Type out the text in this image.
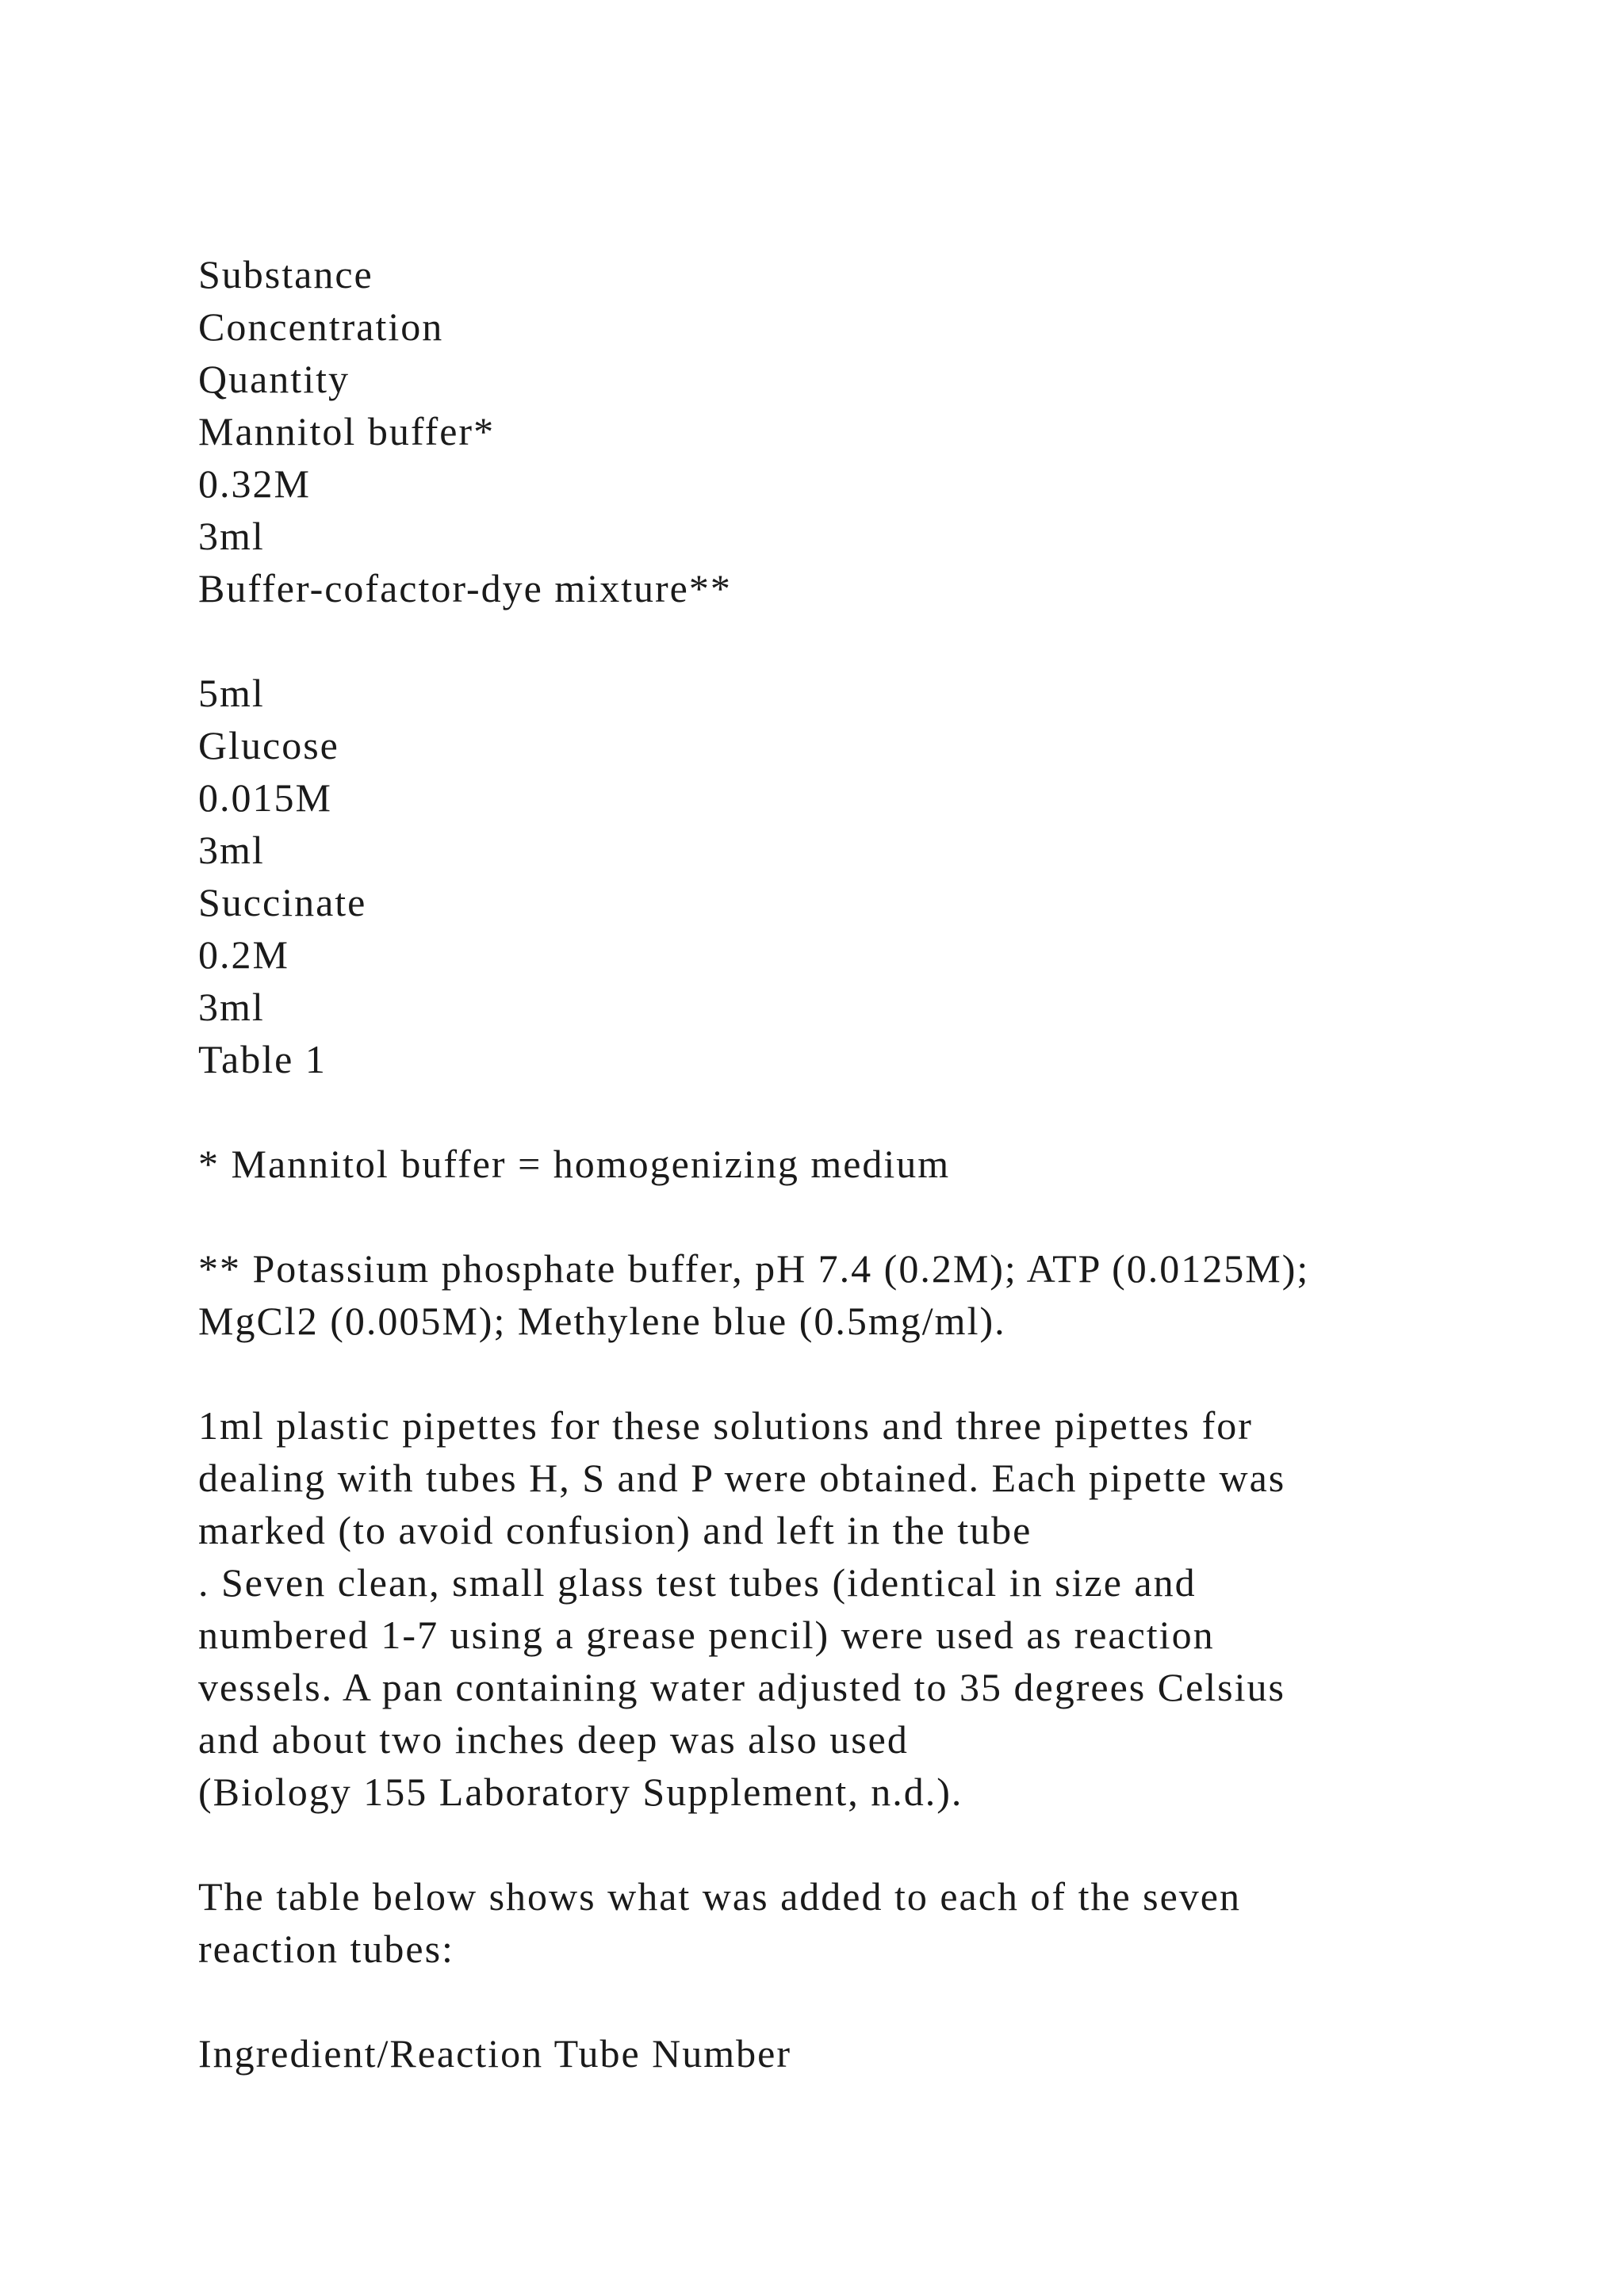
Substance
Concentration
Quantity
Mannitol buffer*
0.32M
3ml
Buffer-cofactor-dye mixture**
5ml
Glucose
0.015M
3ml
Succinate
0.2M
3ml
Table 1
* Mannitol buffer = homogenizing medium
** Potassium phosphate buffer, pH 7.4 (0.2M); ATP (0.0125M);
MgCl2 (0.005M); Methylene blue (0.5mg/ml).
1ml plastic pipettes for these solutions and three pipettes for
dealing with tubes H, S and P were obtained. Each pipette was
marked (to avoid confusion) and left in the tube
. Seven clean, small glass test tubes (identical in size and
numbered 1-7 using a grease pencil) were used as reaction
vessels. A pan containing water adjusted to 35 degrees Celsius
and about two inches deep was also used
(Biology 155 Laboratory Supplement, n.d.).
The table below shows what was added to each of the seven
reaction tubes:
Ingredient/Reaction Tube Number
